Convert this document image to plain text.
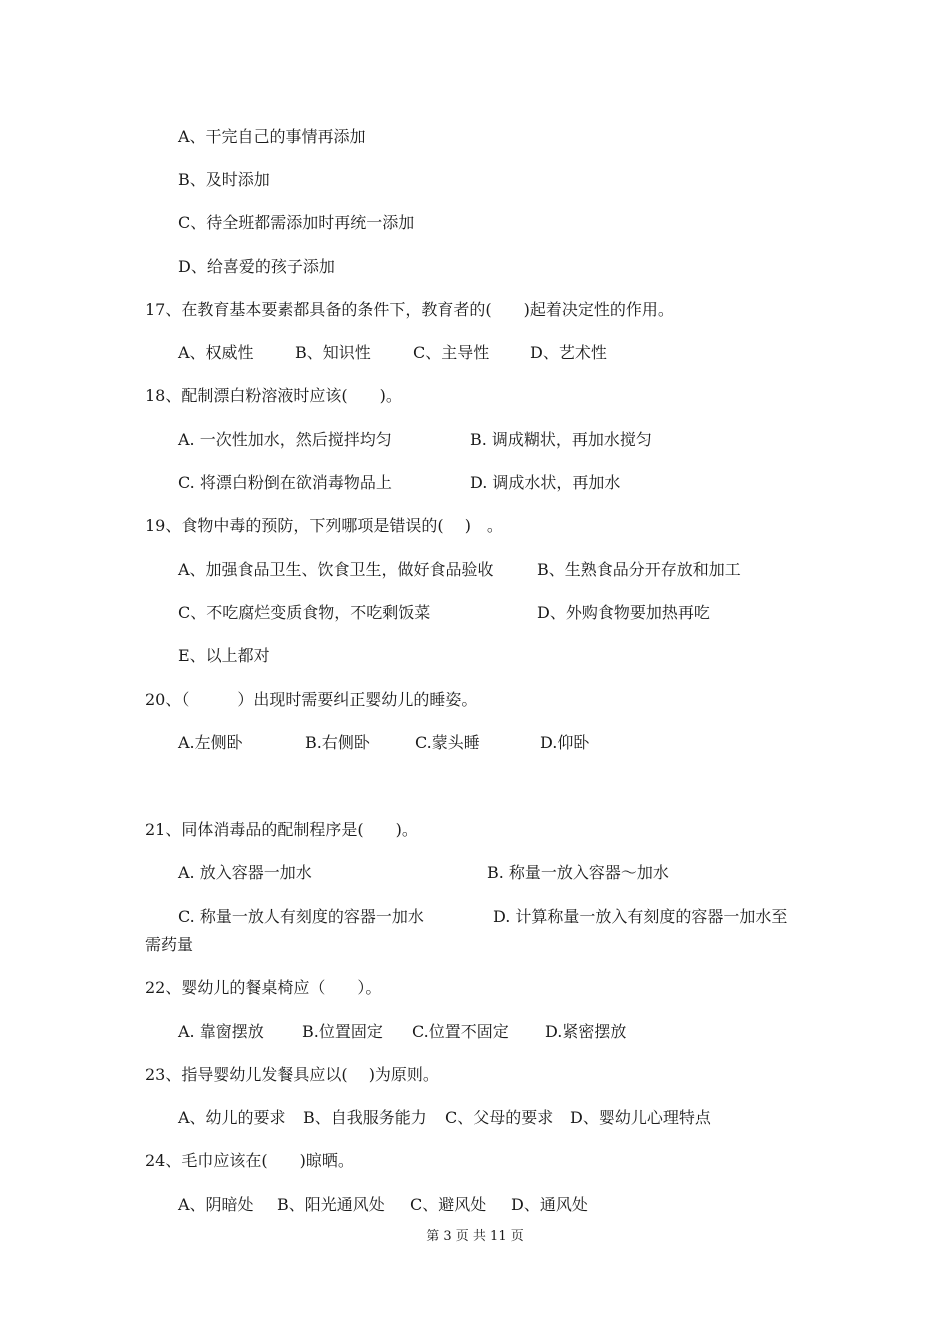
A、干完自己的事情再添加
B、及时添加
C、待全班都需添加时再统一添加
D、给喜爱的孩子添加
17、在教育基本要素都具备的条件下，教育者的(　　)起着决定性的作用。
A、权威性	B、知识性	C、主导性	D、艺术性
18、配制漂白粉溶液时应该(　　)。
A. 一次性加水，然后搅拌均匀	B. 调成糊状，再加水搅匀
C. 将漂白粉倒在欲消毒物品上	D. 调成水状，再加水
19、食物中毒的预防，下列哪项是错误的(　 )　。
A、加强食品卫生、饮食卫生，做好食品验收	B、生熟食品分开存放和加工
C、不吃腐烂变质食物，不吃剩饭菜	D、外购食物要加热再吃
E、以上都对
20、（　　　）出现时需要纠正婴幼儿的睡姿。
A.左侧卧	B.右侧卧	C.蒙头睡	D.仰卧
21、同体消毒品的配制程序是(　　)。
A. 放入容器一加水	B. 称量一放入容器～加水
C. 称量一放人有刻度的容器一加水	D. 计算称量一放入有刻度的容器一加水至
需药量
22、婴幼儿的餐桌椅应（　　）。
A. 靠窗摆放 B.位置固定 C.位置不固定 D.紧密摆放
23、指导婴幼儿发餐具应以(　 )为原则。
A、幼儿的要求 B、自我服务能力 C、父母的要求 D、婴幼儿心理特点
24、毛巾应该在(　　)晾晒。
A、阴暗处 B、阳光通风处 C、避风处 D、通风处
第 3 页 共 11 页
